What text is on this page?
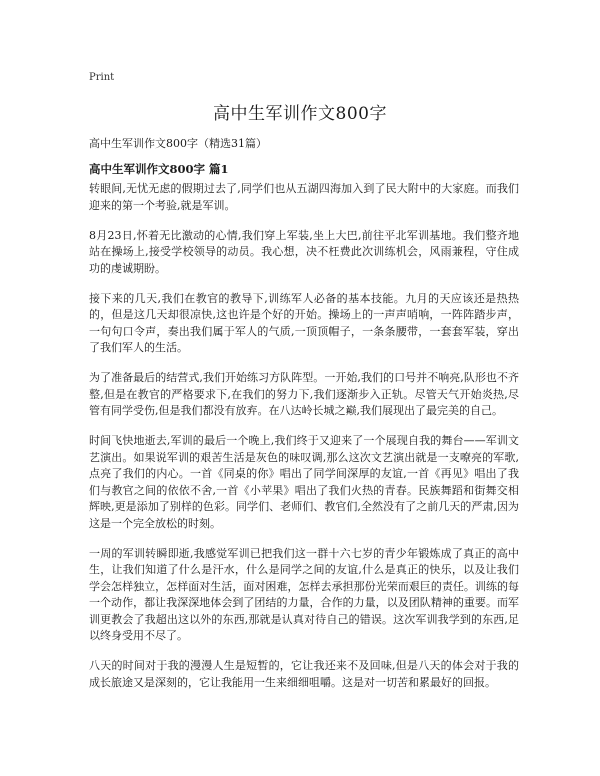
Print
高中生军训作文800字

高中生军训作文800字（精选31篇）

高中生军训作文800字 篇1

转眼间,无忧无虑的假期过去了,同学们也从五湖四海加入到了民大附中的大家庭。而我们迎来的第一个考验,就是军训。

8月23日,怀着无比激动的心情,我们穿上军装,坐上大巴,前往平北军训基地。我们整齐地站在操场上,接受学校领导的动员。我心想，决不枉费此次训练机会，风雨兼程，守住成功的虔诚期盼。

接下来的几天,我们在教官的教导下,训练军人必备的基本技能。九月的天应该还是热热的，但是这几天却很凉快,这也许是个好的开始。操场上的一声声哨响，一阵阵踏步声，一句句口令声，奏出我们属于军人的气质,一顶顶帽子，一条条腰带，一套套军装，穿出了我们军人的生活。

为了准备最后的结营式,我们开始练习方队阵型。一开始,我们的口号并不响亮,队形也不齐整,但是在教官的严格要求下,在我们的努力下,我们逐渐步入正轨。尽管天气开始炎热,尽管有同学受伤,但是我们都没有放弃。在八达岭长城之巅,我们展现出了最完美的自己。

时间飞快地逝去,军训的最后一个晚上,我们终于又迎来了一个展现自我的舞台——军训文艺演出。如果说军训的艰苦生活是灰色的味叹调,那么这次文艺演出就是一支嘹亮的军歌,点亮了我们的内心。一首《同桌的你》唱出了同学间深厚的友谊,一首《再见》唱出了我们与教官之间的依依不舍,一首《小苹果》唱出了我们火热的青春。民族舞蹈和街舞交相辉映,更是添加了别样的色彩。同学们、老师们、教官们,全然没有了之前几天的严肃,因为这是一个完全放松的时刻。

一周的军训转瞬即逝,我感觉军训已把我们这一群十六七岁的青少年锻炼成了真正的高中生，让我们知道了什么是汗水，什么是同学之间的友谊,什么是真正的快乐，以及让我们学会怎样独立，怎样面对生活，面对困难，怎样去承担那份光荣而艰巨的责任。训练的每一个动作，都让我深深地体会到了团结的力量，合作的力量，以及团队精神的重要。而军训更教会了我超出这以外的东西,那就是认真对待自己的错误。这次军训我学到的东西,足以终身受用不尽了。

八天的时间对于我的漫漫人生是短暂的，它让我还来不及回味,但是八天的体会对于我的成长旅途又是深刻的，它让我能用一生来细细咀嚼。这是对一切苦和累最好的回报。
